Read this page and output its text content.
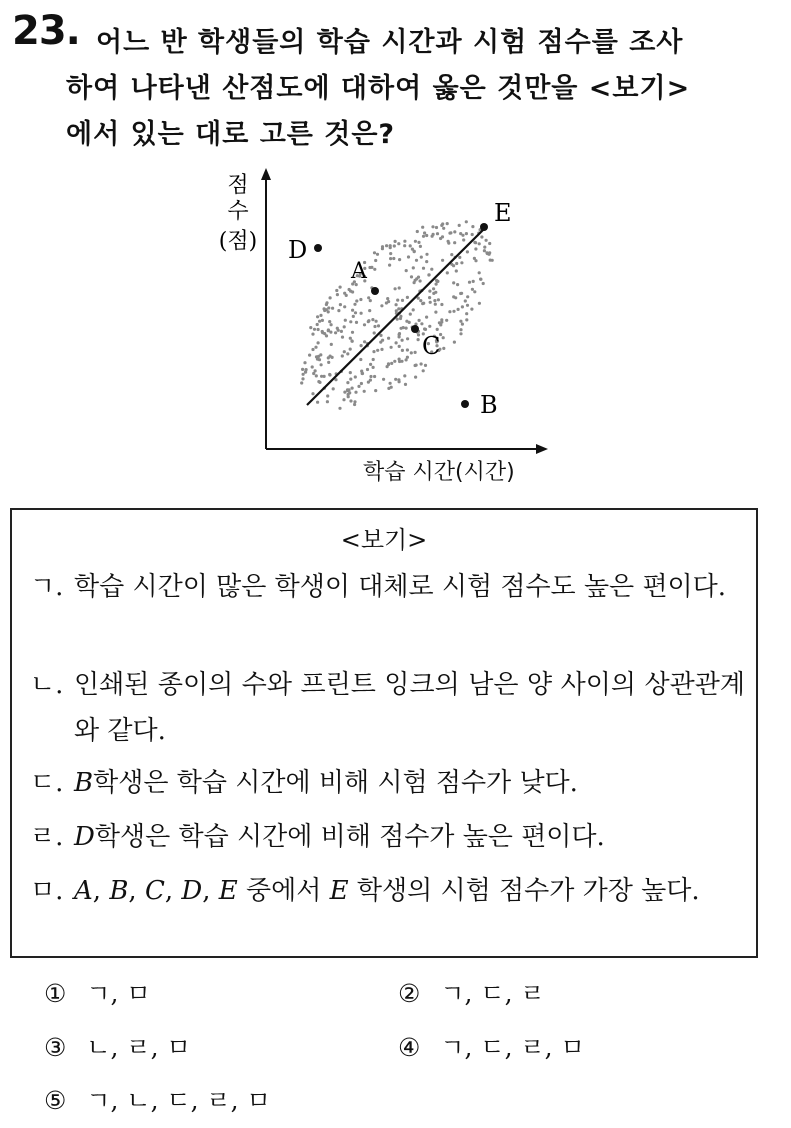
23. 어느 반 학생들의 학습 시간과 시험 점수를 조사
하여 나타낸 산점도에 대하여 옳은 것만을 <보기>
에서 있는 대로 고른 것은?
D
A
C
B
E
점
수
(점)
학습 시간(시간)
<보기>
ㄱ. 학습 시간이 많은 학생이 대체로 시험 점수도 높은 편이다.
ㄴ. 인쇄된 종이의 수와 프린트 잉크의 남은 양 사이의 상관관계와 같다.
ㄷ. B학생은 학습 시간에 비해 시험 점수가 낮다.
ㄹ. D학생은 학습 시간에 비해 점수가 높은 편이다.
ㅁ. A, B, C, D, E 중에서 E 학생의 시험 점수가 가장 높다.
① ㄱ, ㅁ	② ㄱ, ㄷ, ㄹ
③ ㄴ, ㄹ, ㅁ	④ ㄱ, ㄷ, ㄹ, ㅁ
⑤ ㄱ, ㄴ, ㄷ, ㄹ, ㅁ
